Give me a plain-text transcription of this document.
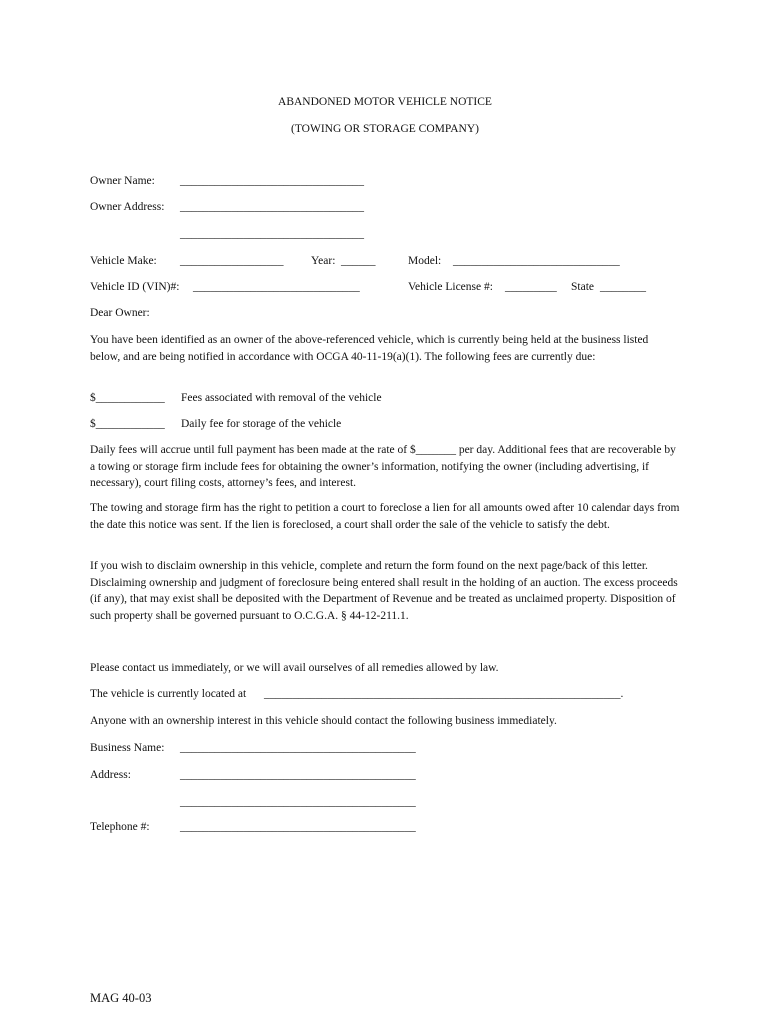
ABANDONED MOTOR VEHICLE NOTICE
(TOWING OR STORAGE COMPANY)
Owner Name: ________________________________
Owner Address: ________________________________
________________________________
Vehicle Make: __________________ Year: ______	Model: _____________________________
Vehicle ID (VIN)#: _____________________________	Vehicle License #: _________ State ________
Dear Owner:

You have been identified as an owner of the above-referenced vehicle, which is currently being held at the business listed below, and are being notified in accordance with OCGA 40-11-19(a)(1). The following fees are currently due:

$____________ Fees associated with removal of the vehicle
$____________ Daily fee for storage of the vehicle

Daily fees will accrue until full payment has been made at the rate of $_______ per day. Additional fees that are recoverable by a towing or storage firm include fees for obtaining the owner’s information, notifying the owner (including advertising, if necessary), court filing costs, attorney’s fees, and interest.

The towing and storage firm has the right to petition a court to foreclose a lien for all amounts owed after 10 calendar days from the date this notice was sent. If the lien is foreclosed, a court shall order the sale of the vehicle to satisfy the debt.

If you wish to disclaim ownership in this vehicle, complete and return the form found on the next page/back of this letter. Disclaiming ownership and judgment of foreclosure being entered shall result in the holding of an auction. The excess proceeds (if any), that may exist shall be deposited with the Department of Revenue and be treated as unclaimed property. Disposition of such property shall be governed pursuant to O.C.G.A. § 44-12-211.1.

Please contact us immediately, or we will avail ourselves of all remedies allowed by law.
The vehicle is currently located at ______________________________________________________________.
Anyone with an ownership interest in this vehicle should contact the following business immediately.
Business Name: _________________________________________
Address:	_________________________________________
_________________________________________
Telephone #:	_________________________________________
MAG 40-03
